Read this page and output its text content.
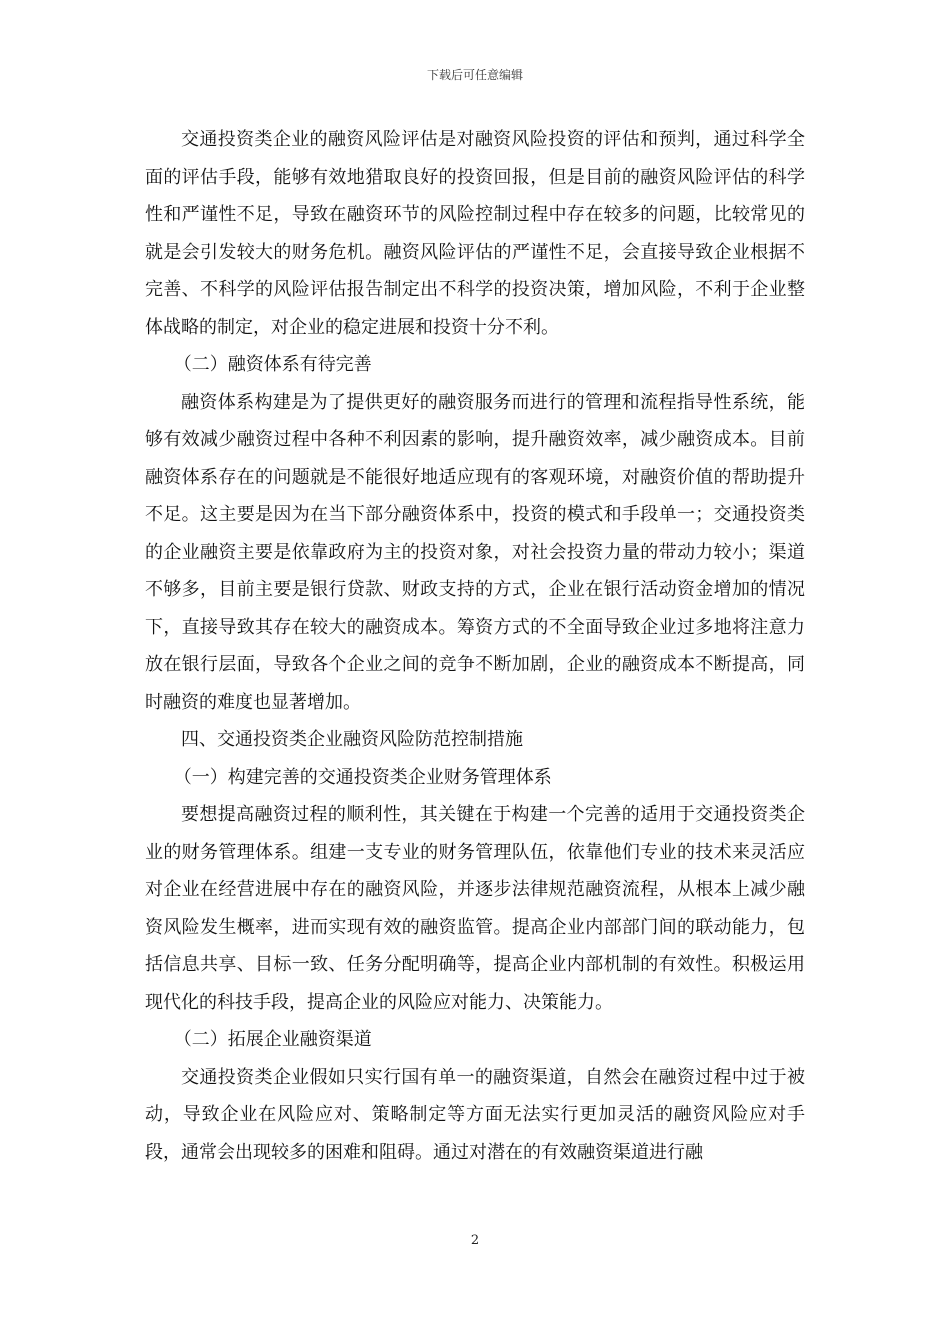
下载后可任意编辑

交通投资类企业的融资风险评估是对融资风险投资的评估和预判，通过科学全面的评估手段，能够有效地猎取良好的投资回报，但是目前的融资风险评估的科学性和严谨性不足，导致在融资环节的风险控制过程中存在较多的问题，比较常见的就是会引发较大的财务危机。融资风险评估的严谨性不足，会直接导致企业根据不完善、不科学的风险评估报告制定出不科学的投资决策，增加风险，不利于企业整体战略的制定，对企业的稳定进展和投资十分不利。

（二）融资体系有待完善

融资体系构建是为了提供更好的融资服务而进行的管理和流程指导性系统，能够有效减少融资过程中各种不利因素的影响，提升融资效率，减少融资成本。目前融资体系存在的问题就是不能很好地适应现有的客观环境，对融资价值的帮助提升不足。这主要是因为在当下部分融资体系中，投资的模式和手段单一；交通投资类的企业融资主要是依靠政府为主的投资对象，对社会投资力量的带动力较小；渠道不够多，目前主要是银行贷款、财政支持的方式，企业在银行活动资金增加的情况下，直接导致其存在较大的融资成本。筹资方式的不全面导致企业过多地将注意力放在银行层面，导致各个企业之间的竞争不断加剧，企业的融资成本不断提高，同时融资的难度也显著增加。

四、交通投资类企业融资风险防范控制措施

（一）构建完善的交通投资类企业财务管理体系

要想提高融资过程的顺利性，其关键在于构建一个完善的适用于交通投资类企业的财务管理体系。组建一支专业的财务管理队伍，依靠他们专业的技术来灵活应对企业在经营进展中存在的融资风险，并逐步法律规范融资流程，从根本上减少融资风险发生概率，进而实现有效的融资监管。提高企业内部部门间的联动能力，包括信息共享、目标一致、任务分配明确等，提高企业内部机制的有效性。积极运用现代化的科技手段，提高企业的风险应对能力、决策能力。

（二）拓展企业融资渠道

交通投资类企业假如只实行国有单一的融资渠道，自然会在融资过程中过于被动，导致企业在风险应对、策略制定等方面无法实行更加灵活的融资风险应对手段，通常会出现较多的困难和阻碍。通过对潜在的有效融资渠道进行融

2
